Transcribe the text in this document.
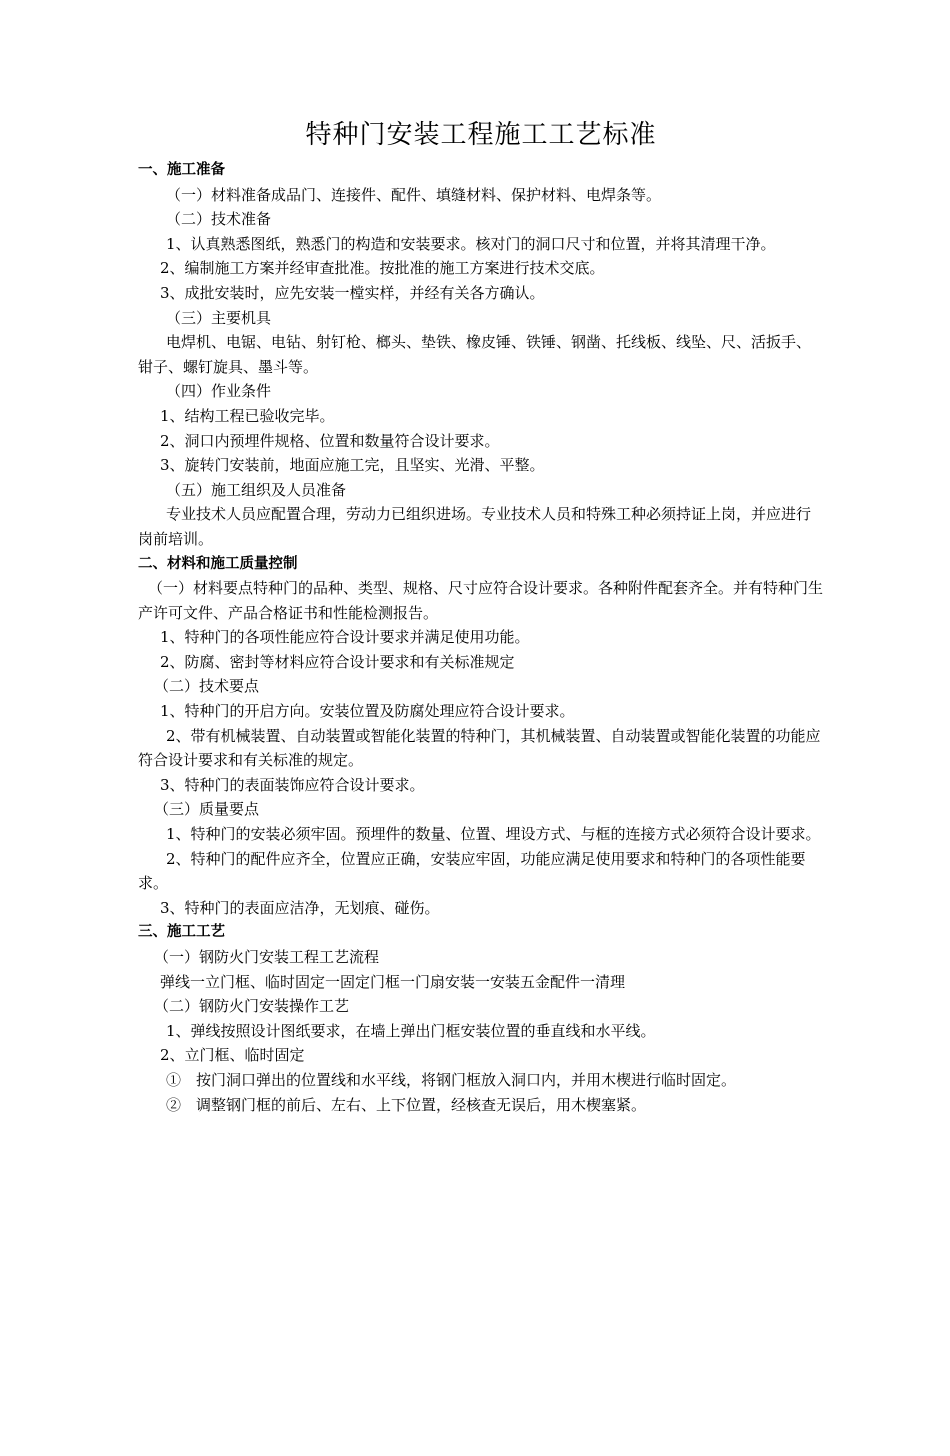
特种门安装工程施工工艺标准
一、施工准备
（一）材料准备成品门、连接件、配件、填缝材料、保护材料、电焊条等。
（二）技术准备
1、认真熟悉图纸，熟悉门的构造和安装要求。核对门的洞口尺寸和位置，并将其清理干净。
2、编制施工方案并经审查批准。按批准的施工方案进行技术交底。
3、成批安装时，应先安装一樘实样，并经有关各方确认。
（三）主要机具
电焊机、电锯、电钻、射钉枪、榔头、垫铁、橡皮锤、铁锤、钢凿、托线板、线坠、尺、活扳手、钳子、螺钉旋具、墨斗等。
（四）作业条件
1、结构工程已验收完毕。
2、洞口内预埋件规格、位置和数量符合设计要求。
3、旋转门安装前，地面应施工完，且坚实、光滑、平整。
（五）施工组织及人员准备
专业技术人员应配置合理，劳动力已组织进场。专业技术人员和特殊工种必须持证上岗，并应进行岗前培训。
二、材料和施工质量控制
（一）材料要点特种门的品种、类型、规格、尺寸应符合设计要求。各种附件配套齐全。并有特种门生
产许可文件、产品合格证书和性能检测报告。
1、特种门的各项性能应符合设计要求并满足使用功能。
2、防腐、密封等材料应符合设计要求和有关标准规定
（二）技术要点
1、特种门的开启方向。安装位置及防腐处理应符合设计要求。
2、带有机械装置、自动装置或智能化装置的特种门，其机械装置、自动装置或智能化装置的功能应符合设计要求和有关标准的规定。
3、特种门的表面装饰应符合设计要求。
（三）质量要点
1、特种门的安装必须牢固。预埋件的数量、位置、埋设方式、与框的连接方式必须符合设计要求。
2、特种门的配件应齐全，位置应正确，安装应牢固，功能应满足使用要求和特种门的各项性能要求。
3、特种门的表面应洁净，无划痕、碰伤。
三、施工工艺
（一）钢防火门安装工程工艺流程
弹线一立门框、临时固定一固定门框一门扇安装一安装五金配件一清理
（二）钢防火门安装操作工艺
1、弹线按照设计图纸要求，在墙上弹出门框安装位置的垂直线和水平线。
2、立门框、临时固定
①　按门洞口弹出的位置线和水平线，将钢门框放入洞口内，并用木楔进行临时固定。
②　调整钢门框的前后、左右、上下位置，经核查无误后，用木楔塞紧。
